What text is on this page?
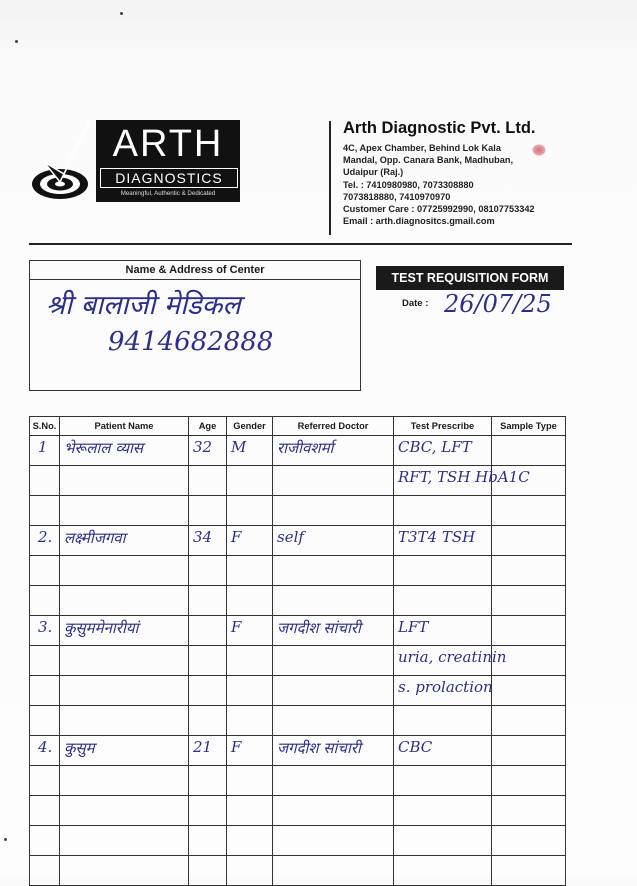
ARTH
DIAGNOSTICS
Meaningful, Authentic & Dedicated
Arth Diagnostic Pvt. Ltd.
4C, Apex Chamber, Behind Lok Kala
Mandal, Opp. Canara Bank, Madhuban,
Udaipur (Raj.)
Tel. : 7410980980, 7073308880
7073818880, 7410970970
Customer Care : 07725992990, 08107753342
Email : arth.diagnositcs.gmail.com
Name & Address of Center
श्री बालाजी मेडिकल
9414682888
TEST REQUISITION FORM
Date : 26/07/25
S.No.	Patient Name	Age	Gender	Referred Doctor	Test Prescribe	Sample Type

1	भेरूलाल व्यास	32	M	राजीवशर्मा	CBC, LFT	

					RFT, TSH HbA1C	

2.	लक्ष्मीजगवा	34	F	self	T3T4 TSH	

3.	कुसुममेनारीयां		F	जगदीश सांचारी	LFT	

					uria, creatinin	

					s. prolaction	

4.	कुसुम	21	F	जगदीश सांचारी	CBC	
